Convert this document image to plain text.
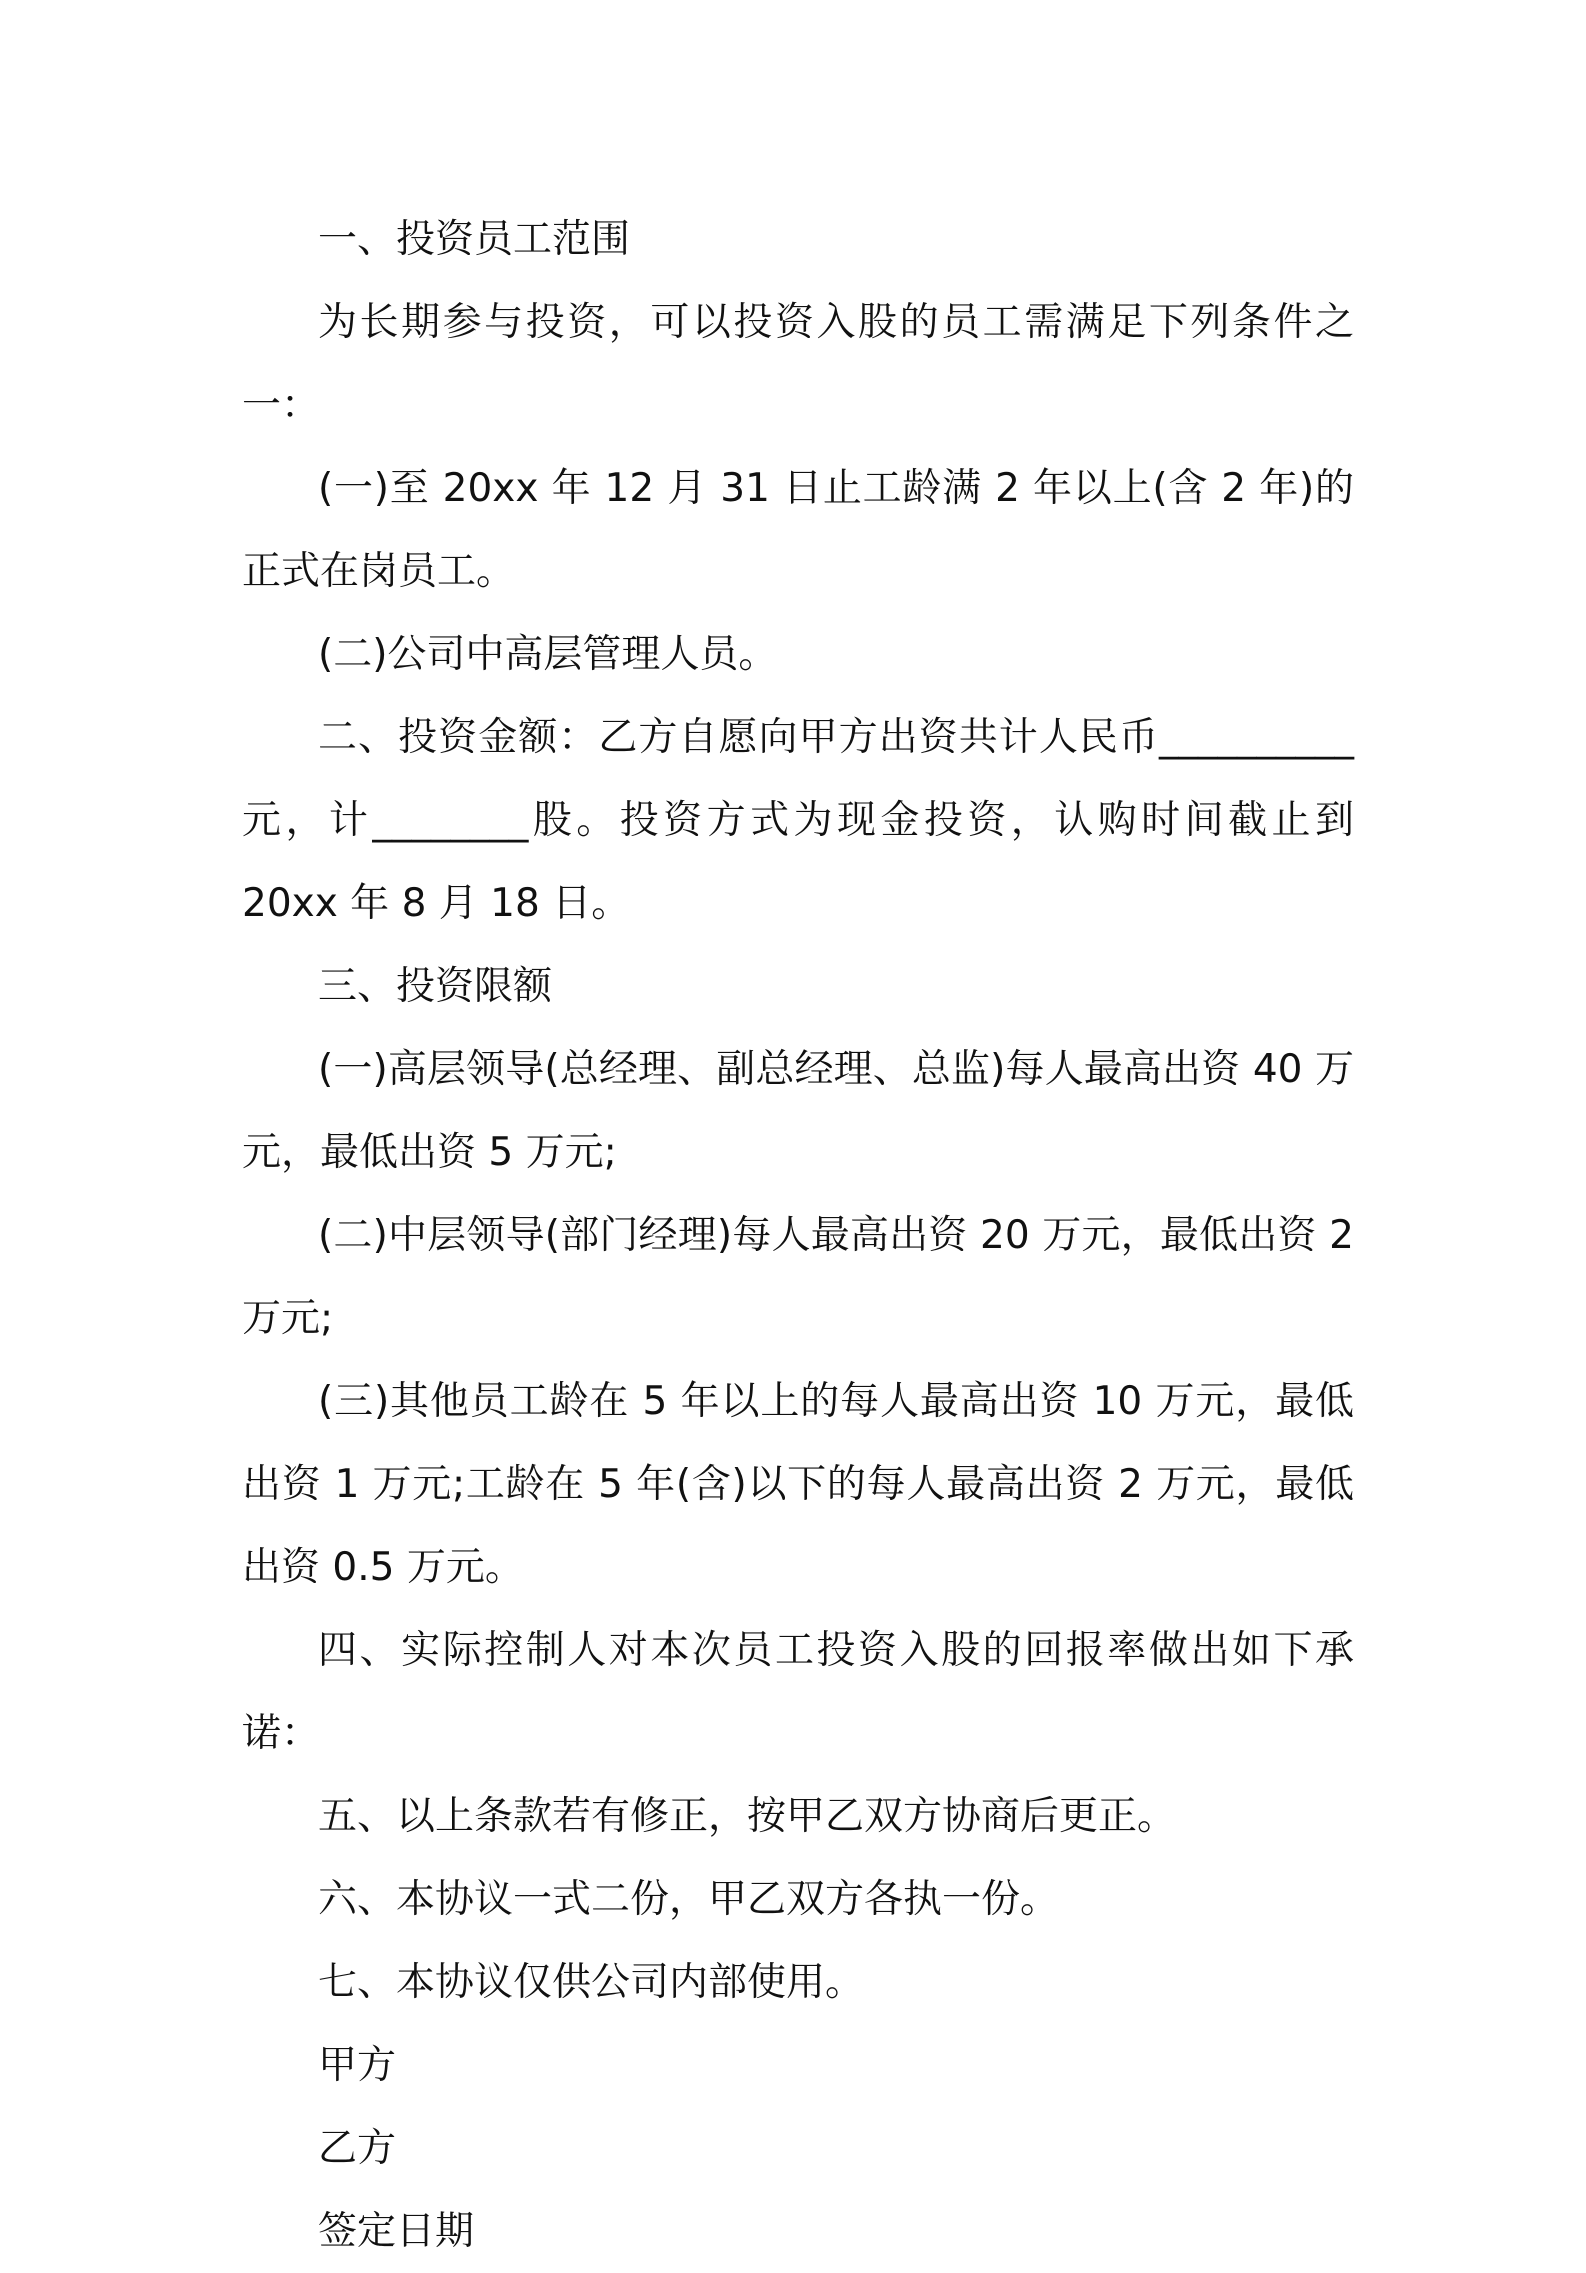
一、投资员工范围

为长期参与投资，可以投资入股的员工需满足下列条件之一：

(一)至 20xx 年 12 月 31 日止工龄满 2 年以上(含 2 年)的正式在岗员工。

(二)公司中高层管理人员。

二、投资金额：乙方自愿向甲方出资共计人民币__________元，计________股。投资方式为现金投资，认购时间截止到 20xx 年 8 月 18 日。

三、投资限额

(一)高层领导(总经理、副总经理、总监)每人最高出资 40 万元，最低出资 5 万元;

(二)中层领导(部门经理)每人最高出资 20 万元，最低出资 2 万元;

(三)其他员工龄在 5 年以上的每人最高出资 10 万元，最低出资 1 万元;工龄在 5 年(含)以下的每人最高出资 2 万元，最低出资 0.5 万元。

四、实际控制人对本次员工投资入股的回报率做出如下承诺：

五、以上条款若有修正，按甲乙双方协商后更正。

六、本协议一式二份，甲乙双方各执一份。

七、本协议仅供公司内部使用。

甲方

乙方

签定日期
